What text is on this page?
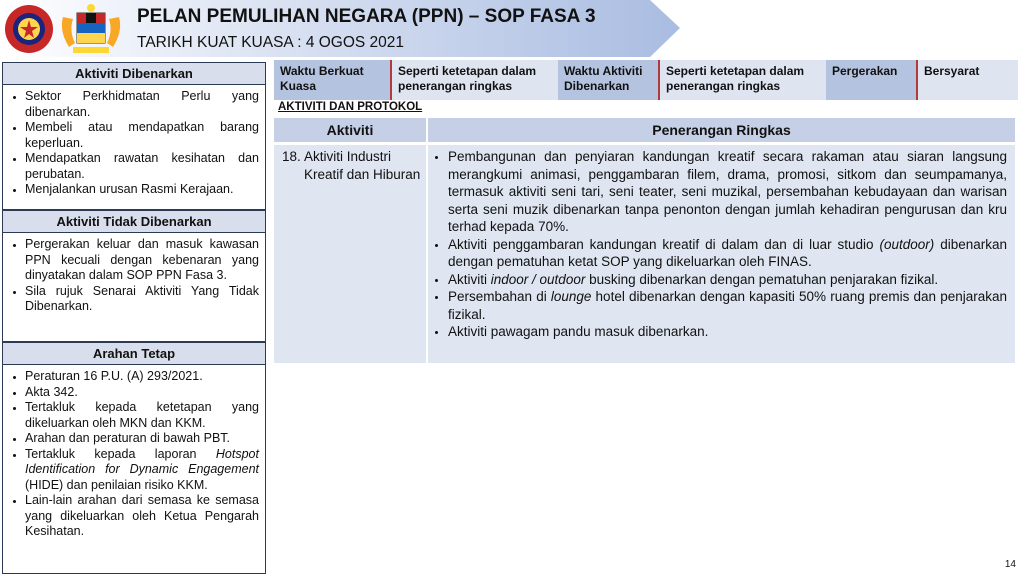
PELAN PEMULIHAN NEGARA (PPN) – SOP FASA 3
TARIKH KUAT KUASA : 4 OGOS 2021
Aktiviti Dibenarkan
• Sektor Perkhidmatan Perlu yang dibenarkan.
• Membeli atau mendapatkan barang keperluan.
• Mendapatkan rawatan kesihatan dan perubatan.
• Menjalankan urusan Rasmi Kerajaan.
Aktiviti Tidak Dibenarkan
• Pergerakan keluar dan masuk kawasan PPN kecuali dengan kebenaran yang dinyatakan dalam SOP PPN Fasa 3.
• Sila rujuk Senarai Aktiviti Yang Tidak Dibenarkan.
Arahan Tetap
• Peraturan 16 P.U. (A) 293/2021.
• Akta 342.
• Tertakluk kepada ketetapan yang dikeluarkan oleh MKN dan KKM.
• Arahan dan peraturan di bawah PBT.
• Tertakluk kepada laporan Hotspot Identification for Dynamic Engagement (HIDE) dan penilaian risiko KKM.
• Lain-lain arahan dari semasa ke semasa yang dikeluarkan oleh Ketua Pengarah Kesihatan.
Waktu Berkuat Kuasa
Seperti ketetapan dalam penerangan ringkas
Waktu Aktiviti Dibenarkan
Seperti ketetapan dalam penerangan ringkas
Pergerakan	Bersyarat
AKTIVITI DAN PROTOKOL
Aktiviti	Penerangan Ringkas
18. Aktiviti Industri Kreatif dan Hiburan
• Pembangunan dan penyiaran kandungan kreatif secara rakaman atau siaran langsung merangkumi animasi, penggambaran filem, drama, promosi, sitkom dan seumpamanya, termasuk aktiviti seni tari, seni teater, seni muzikal, persembahan kebudayaan dan warisan serta seni muzik dibenarkan tanpa penonton dengan jumlah kehadiran pengurusan dan kru terhad kepada 70%.
• Aktiviti penggambaran kandungan kreatif di dalam dan di luar studio (outdoor) dibenarkan dengan pematuhan ketat SOP yang dikeluarkan oleh FINAS.
• Aktiviti indoor / outdoor busking dibenarkan dengan pematuhan penjarakan fizikal.
• Persembahan di lounge hotel dibenarkan dengan kapasiti 50% ruang premis dan penjarakan fizikal.
• Aktiviti pawagam pandu masuk dibenarkan.
14
